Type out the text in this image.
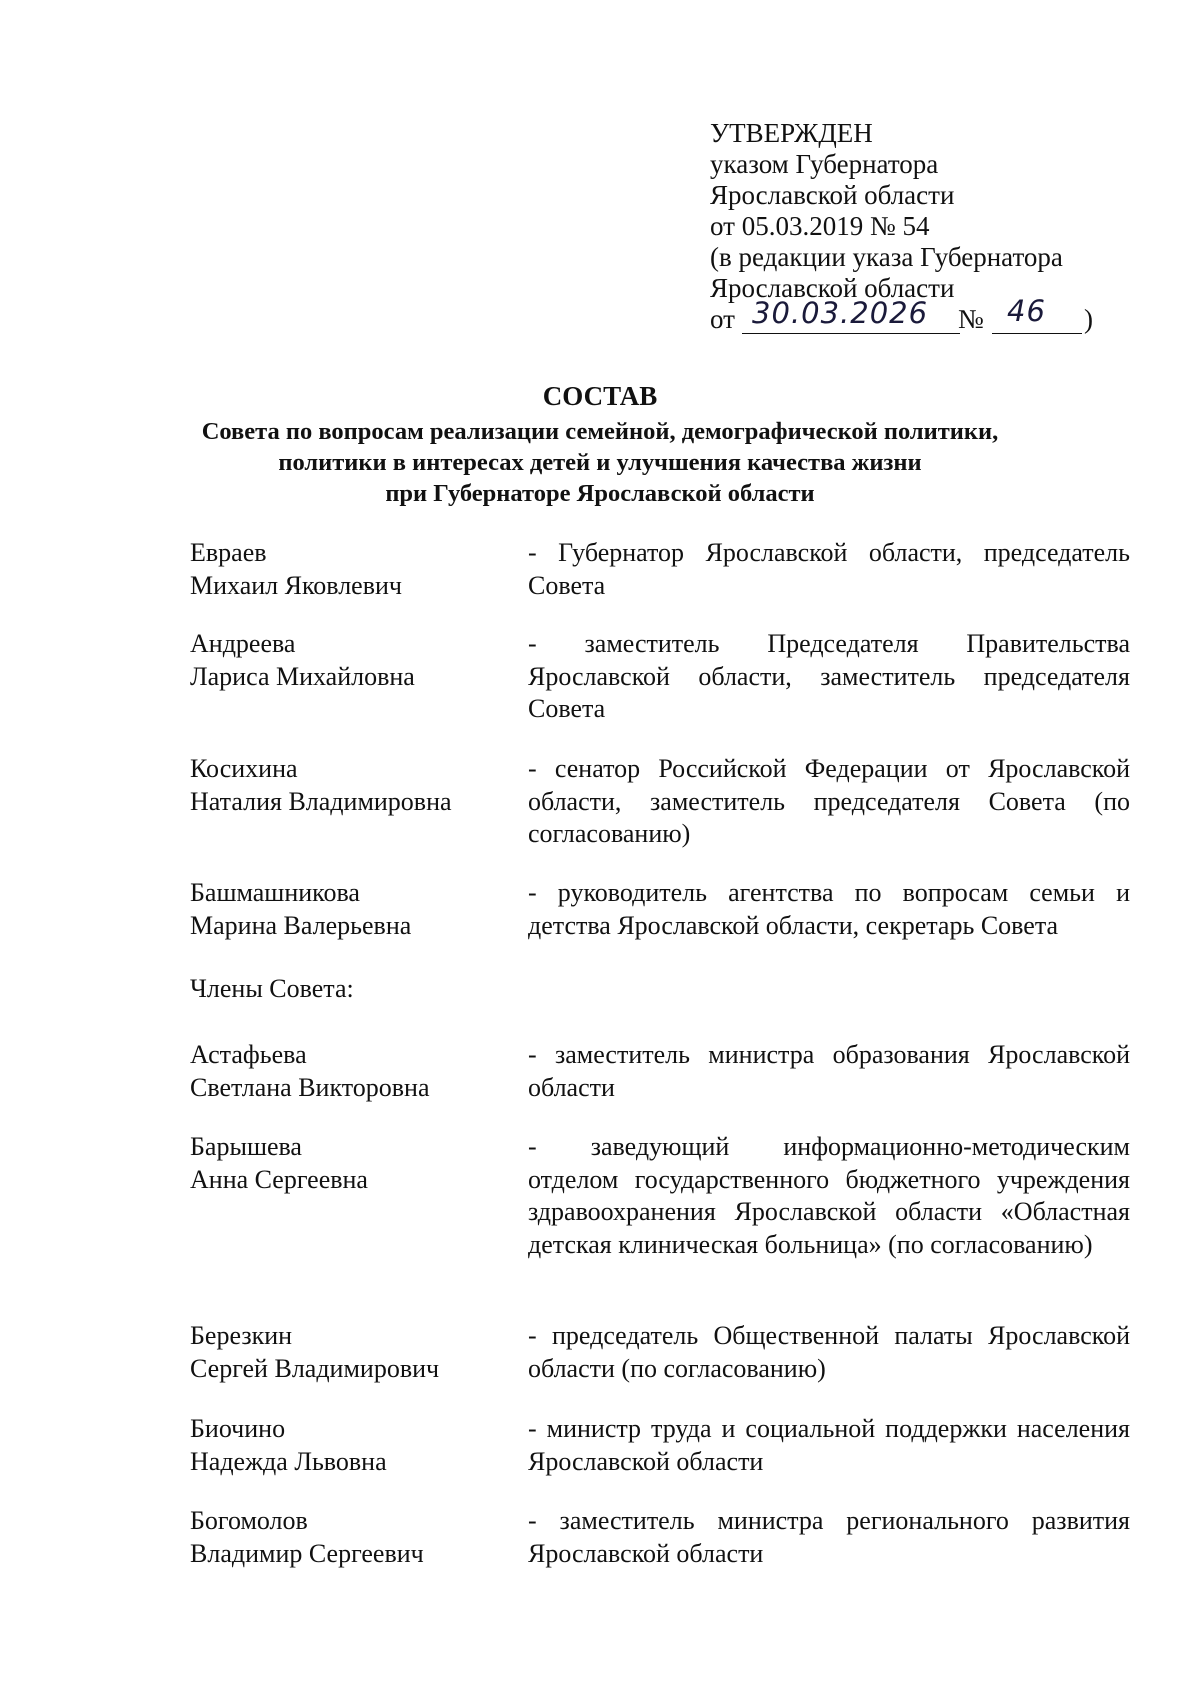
УТВЕРЖДЕН
указом Губернатора
Ярославской области
от 05.03.2019 № 54
(в редакции указа Губернатора
Ярославской области
от 30.03.2026 № 46 )
СОСТАВ
Совета по вопросам реализации семейной, демографической политики,
политики в интересах детей и улучшения качества жизни
при Губернаторе Ярославской области
Евраев
Михаил Яковлевич
- Губернатор Ярославской области, председатель Совета
Андреева
Лариса Михайловна
- заместитель Председателя Правительства Ярославской области, заместитель председателя Совета
Косихина
Наталия Владимировна
- сенатор Российской Федерации от Ярославской области, заместитель председателя Совета (по согласованию)
Башмашникова
Марина Валерьевна
- руководитель агентства по вопросам семьи и детства Ярославской области, секретарь Совета
Члены Совета:
Астафьева
Светлана Викторовна
- заместитель министра образования Ярославской области
Барышева
Анна Сергеевна
- заведующий информационно-методическим отделом государственного бюджетного учреждения здравоохранения Ярославской области «Областная детская клиническая больница» (по согласованию)
Березкин
Сергей Владимирович
- председатель Общественной палаты Ярославской области (по согласованию)
Биочино
Надежда Львовна
- министр труда и социальной поддержки населения Ярославской области
Богомолов
Владимир Сергеевич
- заместитель министра регионального развития Ярославской области
